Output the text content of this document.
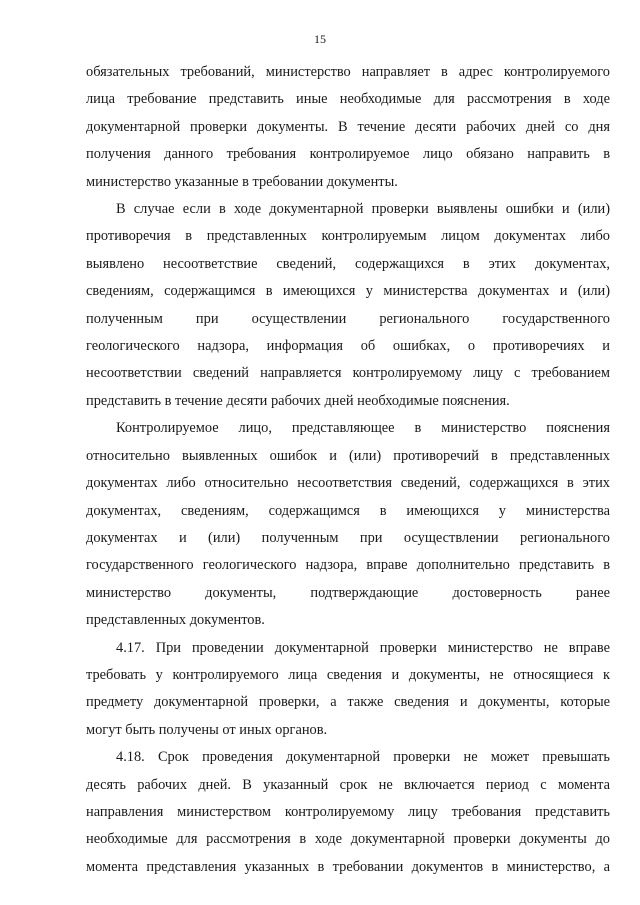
15
обязательных требований, министерство направляет в адрес контролируемого
лица требование представить иные необходимые для рассмотрения в ходе
документарной проверки документы. В течение десяти рабочих дней со дня
получения данного требования контролируемое лицо обязано направить в
министерство указанные в требовании документы.
В случае если в ходе документарной проверки выявлены ошибки и (или)
противоречия в представленных контролируемым лицом документах либо
выявлено несоответствие сведений, содержащихся в этих документах,
сведениям, содержащимся в имеющихся у министерства документах и (или)
полученным при осуществлении регионального государственного
геологического надзора, информация об ошибках, о противоречиях и
несоответствии сведений направляется контролируемому лицу с требованием
представить в течение десяти рабочих дней необходимые пояснения.
Контролируемое лицо, представляющее в министерство пояснения
относительно выявленных ошибок и (или) противоречий в представленных
документах либо относительно несоответствия сведений, содержащихся в этих
документах, сведениям, содержащимся в имеющихся у министерства
документах и (или) полученным при осуществлении регионального
государственного геологического надзора, вправе дополнительно представить в
министерство документы, подтверждающие достоверность ранее
представленных документов.
4.17. При проведении документарной проверки министерство не вправе
требовать у контролируемого лица сведения и документы, не относящиеся к
предмету документарной проверки, а также сведения и документы, которые
могут быть получены от иных органов.
4.18. Срок проведения документарной проверки не может превышать
десять рабочих дней. В указанный срок не включается период с момента
направления министерством контролируемому лицу требования представить
необходимые для рассмотрения в ходе документарной проверки документы до
момента представления указанных в требовании документов в министерство, а
